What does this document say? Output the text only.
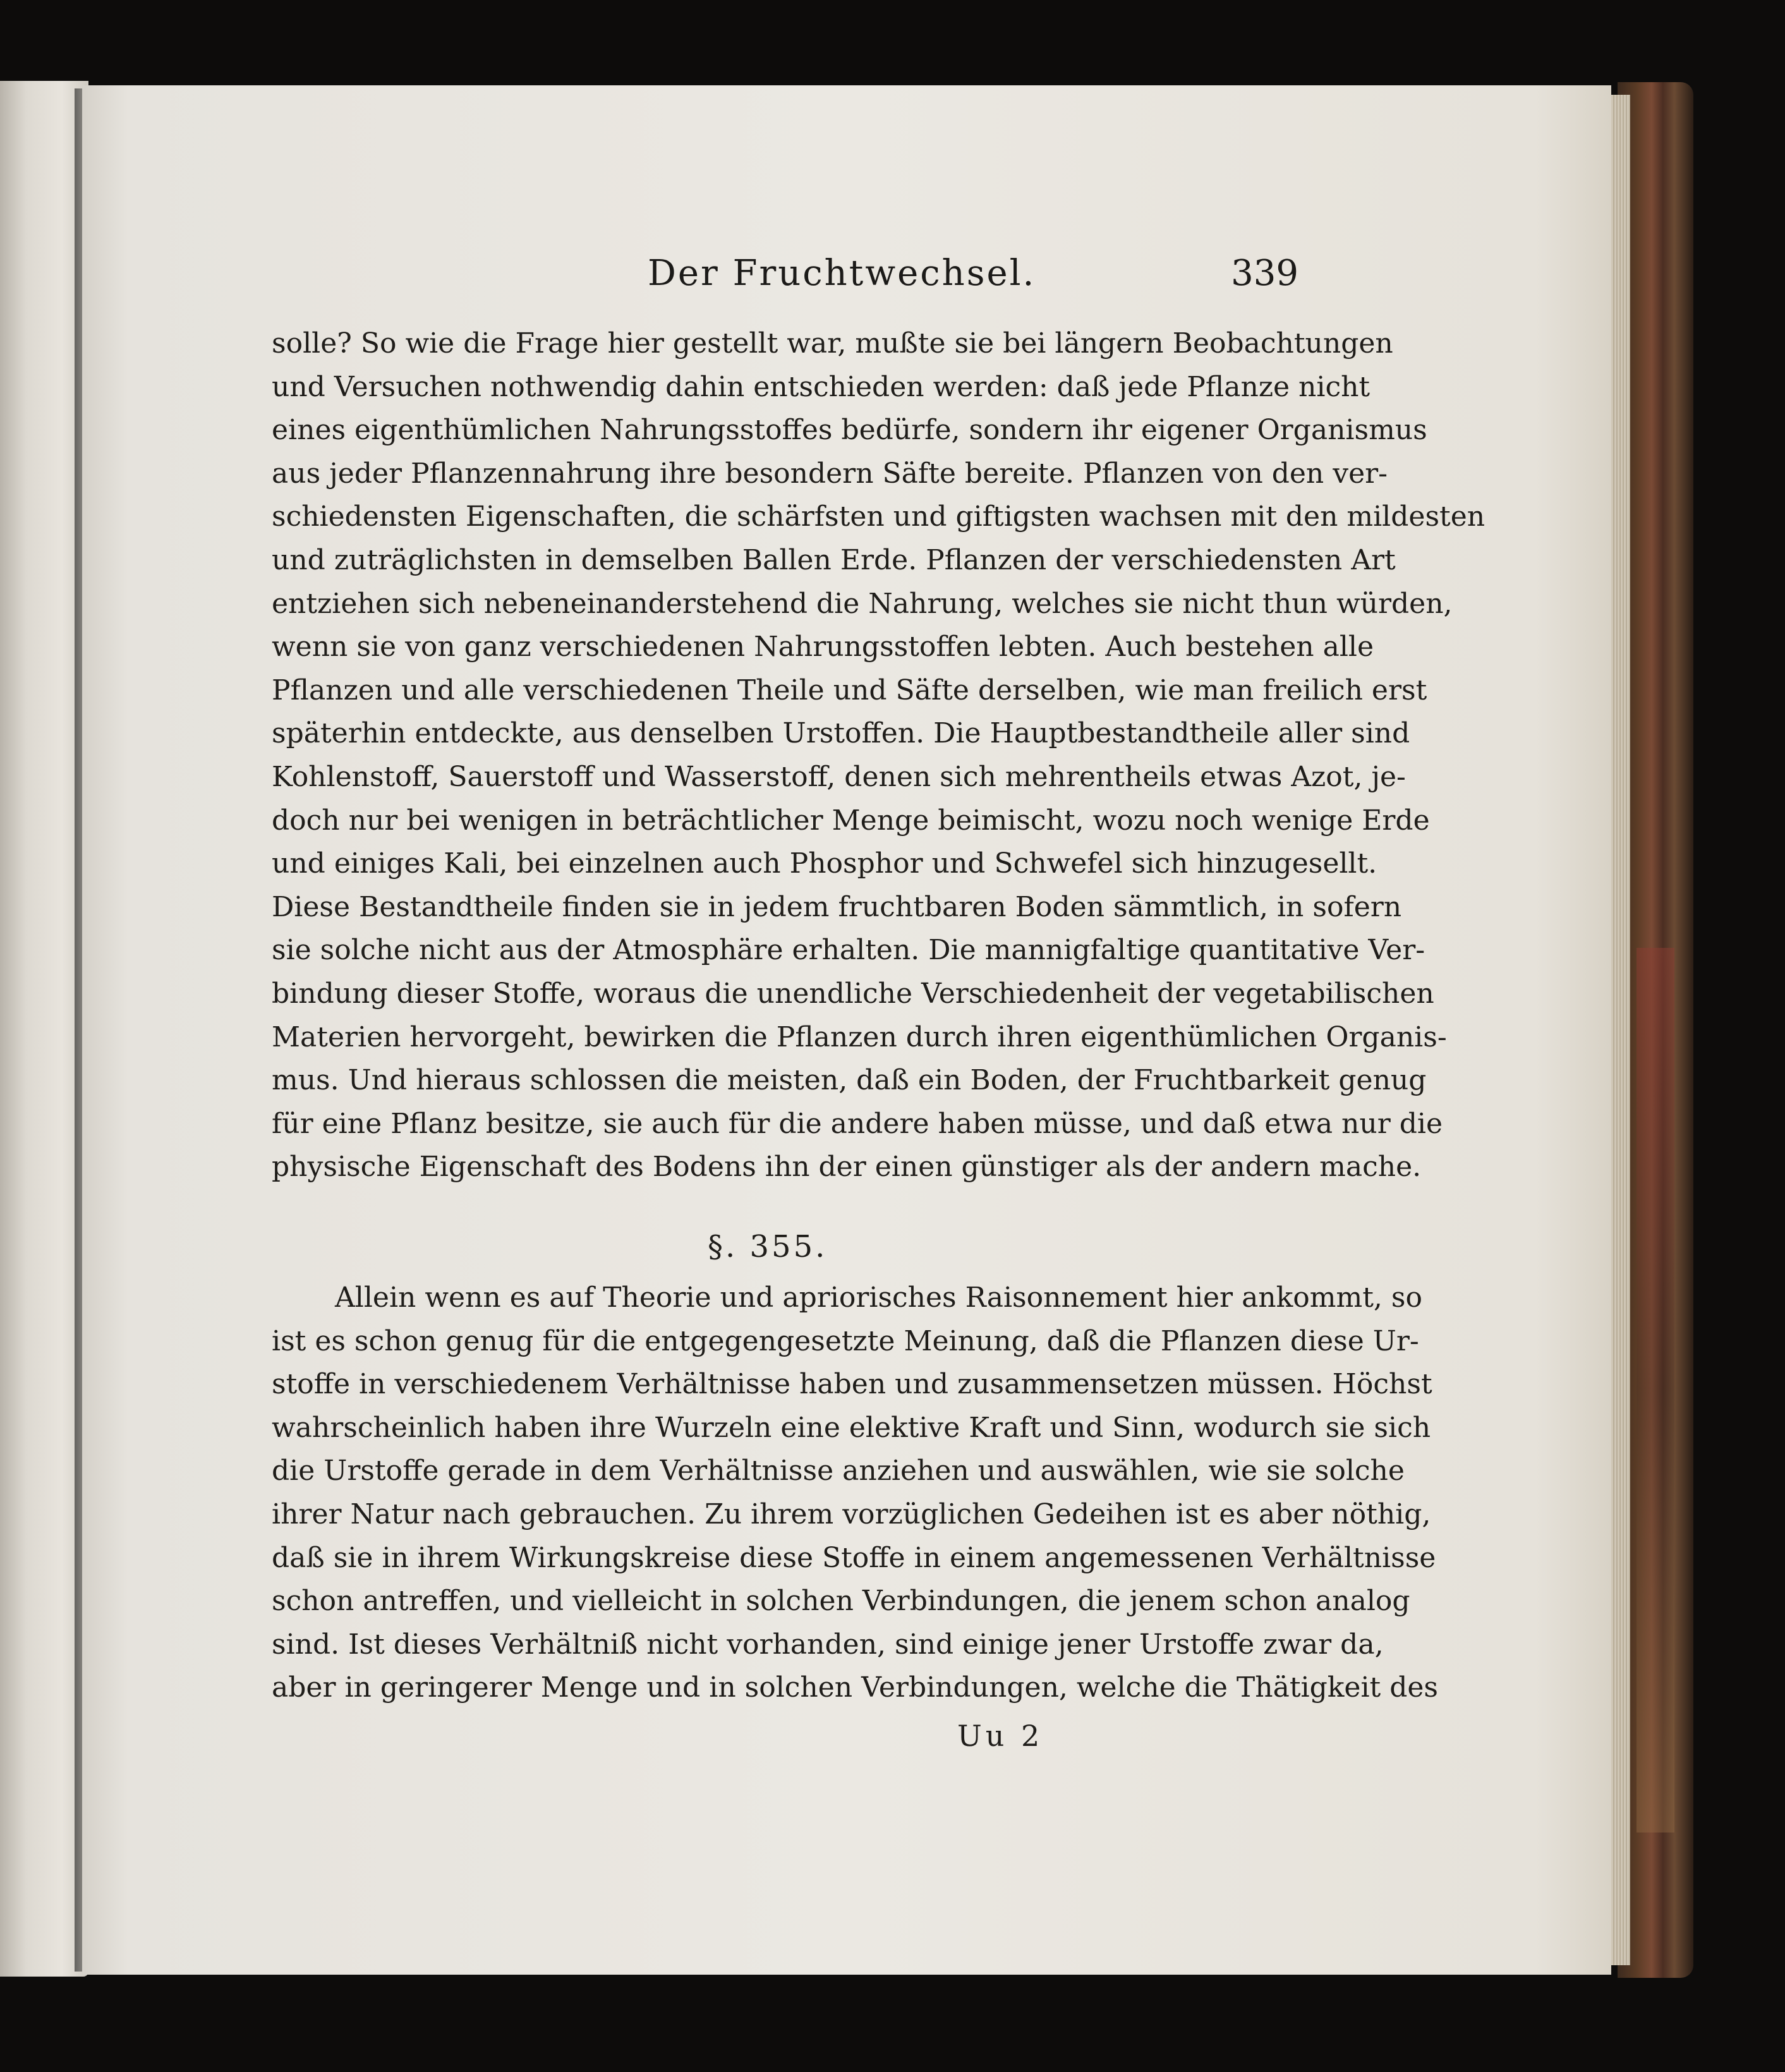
Der Fruchtwechsel.	339
solle? So wie die Frage hier gestellt war, mußte sie bei längern Beobachtungen
und Versuchen nothwendig dahin entschieden werden: daß jede Pflanze nicht
eines eigenthümlichen Nahrungsstoffes bedürfe, sondern ihr eigener Organismus
aus jeder Pflanzennahrung ihre besondern Säfte bereite. Pflanzen von den ver-
schiedensten Eigenschaften, die schärfsten und giftigsten wachsen mit den mildesten
und zuträglichsten in demselben Ballen Erde. Pflanzen der verschiedensten Art
entziehen sich nebeneinanderstehend die Nahrung, welches sie nicht thun würden,
wenn sie von ganz verschiedenen Nahrungsstoffen lebten. Auch bestehen alle
Pflanzen und alle verschiedenen Theile und Säfte derselben, wie man freilich erst
späterhin entdeckte, aus denselben Urstoffen. Die Hauptbestandtheile aller sind
Kohlenstoff, Sauerstoff und Wasserstoff, denen sich mehrentheils etwas Azot, je-
doch nur bei wenigen in beträchtlicher Menge beimischt, wozu noch wenige Erde
und einiges Kali, bei einzelnen auch Phosphor und Schwefel sich hinzugesellt.
Diese Bestandtheile finden sie in jedem fruchtbaren Boden sämmtlich, in sofern
sie solche nicht aus der Atmosphäre erhalten. Die mannigfaltige quantitative Ver-
bindung dieser Stoffe, woraus die unendliche Verschiedenheit der vegetabilischen
Materien hervorgeht, bewirken die Pflanzen durch ihren eigenthümlichen Organis-
mus. Und hieraus schlossen die meisten, daß ein Boden, der Fruchtbarkeit genug
für eine Pflanz besitze, sie auch für die andere haben müsse, und daß etwa nur die
physische Eigenschaft des Bodens ihn der einen günstiger als der andern mache.
§. 355.
Allein wenn es auf Theorie und apriorisches Raisonnement hier ankommt, so
ist es schon genug für die entgegengesetzte Meinung, daß die Pflanzen diese Ur-
stoffe in verschiedenem Verhältnisse haben und zusammensetzen müssen. Höchst
wahrscheinlich haben ihre Wurzeln eine elektive Kraft und Sinn, wodurch sie sich
die Urstoffe gerade in dem Verhältnisse anziehen und auswählen, wie sie solche
ihrer Natur nach gebrauchen. Zu ihrem vorzüglichen Gedeihen ist es aber nöthig,
daß sie in ihrem Wirkungskreise diese Stoffe in einem angemessenen Verhältnisse
schon antreffen, und vielleicht in solchen Verbindungen, die jenem schon analog
sind. Ist dieses Verhältniß nicht vorhanden, sind einige jener Urstoffe zwar da,
aber in geringerer Menge und in solchen Verbindungen, welche die Thätigkeit des
Uu 2
